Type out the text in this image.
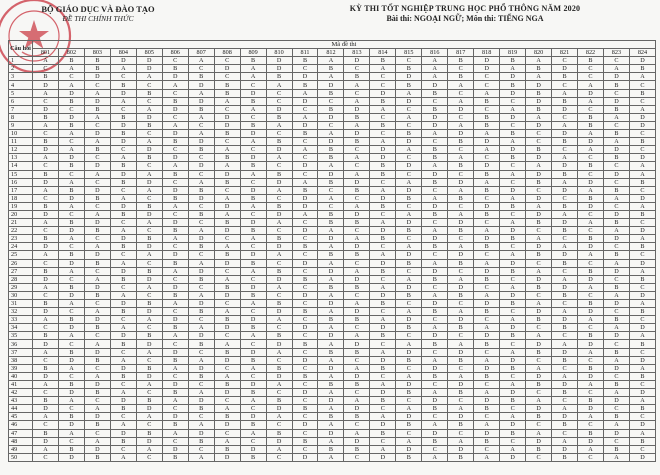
BỘ GIÁO DỤC VÀ ĐÀO TẠO
ĐỀ THI CHÍNH THỨC
KỲ THI TỐT NGHIỆP TRUNG HỌC PHỔ THÔNG NĂM 2020
Bài thi: NGOẠI NGỮ; Môn thi: TIẾNG NGA
Câu hỏi	Mã đề thi																							
	801	802	803	804	805	806	807	808	809	810	811	812	813	814	815	816	817	818	819	820	821	822	823	824
1	A	B	B	D	D	C	A	C	B	D	B	A	D	B	C	A	B	D	B	A	C	B	C	D
2	C	A	B	A	D	B	C	D	A	D	C	B	C	A	B	A	C	D	A	B	D	C	A	B
3	B	C	D	C	A	D	B	C	A	B	D	A	B	C	D	A	B	C	D	A	B	C	D	A
4	D	A	C	B	C	A	D	B	C	A	B	D	A	C	B	D	A	C	B	D	C	A	B	C
5	A	D	A	D	B	C	A	B	D	C	A	B	C	D	A	B	C	A	D	B	A	D	C	B
6	C	B	D	A	C	B	D	A	B	C	D	C	A	B	D	C	A	B	C	D	B	A	D	C
7	D	C	B	C	A	D	B	C	A	D	C	B	D	A	C	B	D	C	A	B	D	C	B	A
8	B	D	A	B	D	C	A	D	C	B	A	D	B	C	A	D	C	B	D	A	C	B	A	D
9	A	B	C	D	B	A	C	D	B	A	D	C	A	B	C	D	A	B	C	D	A	B	C	D
10	C	A	D	B	C	D	A	B	D	C	B	A	D	C	B	A	D	A	B	C	D	A	B	C
11	B	C	A	D	A	B	D	C	A	B	C	D	B	A	D	C	B	D	A	C	B	D	A	B
12	D	A	B	C	D	C	B	A	C	D	A	B	C	D	A	B	C	A	D	B	C	A	D	C
13	A	D	C	A	B	D	C	B	D	A	C	B	A	D	C	B	A	C	B	D	A	C	B	D
14	C	B	D	B	C	A	D	A	B	C	D	A	C	B	D	A	B	D	C	A	D	B	C	A
15	B	C	A	D	A	B	C	D	A	B	C	D	A	B	C	D	C	B	A	D	B	C	D	A
16	D	A	C	B	D	C	A	B	C	D	A	B	D	C	A	B	D	A	C	B	A	D	C	B
17	A	B	D	C	A	D	B	C	D	A	B	C	B	A	D	C	A	B	D	C	D	A	B	C
18	C	D	B	A	C	B	D	A	B	C	D	A	C	D	B	A	B	C	A	D	C	B	A	D
19	B	A	C	D	B	A	C	D	A	B	D	C	A	B	C	D	C	D	B	A	B	D	C	A
20	D	C	A	B	D	C	B	A	C	D	A	B	D	C	A	B	A	B	C	D	A	C	D	B
21	A	B	D	C	A	D	C	B	D	A	C	B	B	A	D	C	D	C	A	B	D	A	B	C
22	C	D	B	A	C	B	A	D	B	C	D	A	C	D	B	A	B	A	D	C	B	C	A	D
23	B	A	C	D	B	A	D	C	A	B	C	D	A	B	C	D	C	D	B	A	C	B	D	A
24	D	C	A	B	D	C	B	A	C	D	B	A	D	C	A	B	A	B	C	D	A	D	C	B
25	A	B	D	C	A	D	C	B	D	A	C	B	B	A	D	C	D	C	A	B	D	A	B	C
26	C	D	B	A	C	B	A	D	B	C	D	A	C	D	B	A	B	A	D	C	B	C	A	D
27	B	A	C	D	B	A	D	C	A	B	C	D	A	B	C	D	C	D	B	A	C	B	D	A
28	D	C	A	B	D	C	B	A	C	D	B	A	D	C	A	B	A	B	C	D	A	D	C	B
29	A	B	D	C	A	D	C	B	D	A	C	B	B	A	D	C	D	C	A	B	D	A	B	C
30	C	D	B	A	C	B	A	D	B	C	D	A	C	D	B	A	B	A	D	C	B	C	A	D
31	B	A	C	D	B	A	D	C	A	B	C	D	A	B	C	D	C	D	B	A	C	B	D	A
32	D	C	A	B	D	C	B	A	C	D	B	A	D	C	A	B	A	B	C	D	A	D	C	B
33	A	B	D	C	A	D	C	B	D	A	C	B	B	A	D	C	D	C	A	B	D	A	B	C
34	C	D	B	A	C	B	A	D	B	C	D	A	C	D	B	A	B	A	D	C	B	C	A	D
35	B	A	C	D	B	A	D	C	A	B	C	D	A	B	C	D	C	D	B	A	C	B	D	A
36	D	C	A	B	D	C	B	A	C	D	B	A	D	C	A	B	A	B	C	D	A	D	C	B
37	A	B	D	C	A	D	C	B	D	A	C	B	B	A	D	C	D	C	A	B	D	A	B	C
38	C	D	B	A	C	B	A	D	B	C	D	A	C	D	B	A	B	A	D	C	B	C	A	D
39	B	A	C	D	B	A	D	C	A	B	C	D	A	B	C	D	C	D	B	A	C	B	D	A
40	D	C	A	B	D	C	B	A	C	D	B	A	D	C	A	B	A	B	C	D	A	D	C	B
41	A	B	D	C	A	D	C	B	D	A	C	B	B	A	D	C	D	C	A	B	D	A	B	C
42	C	D	B	A	C	B	A	D	B	C	D	A	C	D	B	A	B	A	D	C	B	C	A	D
43	B	A	C	D	B	A	D	C	A	B	C	D	A	B	C	D	C	D	B	A	C	B	D	A
44	D	C	A	B	D	C	B	A	C	D	B	A	D	C	A	B	A	B	C	D	A	D	C	B
45	A	B	D	C	A	D	C	B	D	A	C	B	B	A	D	C	D	C	A	B	D	A	B	C
46	C	D	B	A	C	B	A	D	B	C	D	A	C	D	B	A	B	A	D	C	B	C	A	D
47	B	A	C	D	B	A	D	C	A	B	C	D	A	B	C	D	C	D	B	A	C	B	D	A
48	D	C	A	B	D	C	B	A	C	D	B	A	D	C	A	B	A	B	C	D	A	D	C	B
49	A	B	D	C	A	D	C	B	D	A	C	B	B	A	D	C	D	C	A	B	D	A	B	C
50	C	D	B	A	C	B	A	D	B	C	D	A	C	D	B	A	B	A	D	C	B	C	A	D
